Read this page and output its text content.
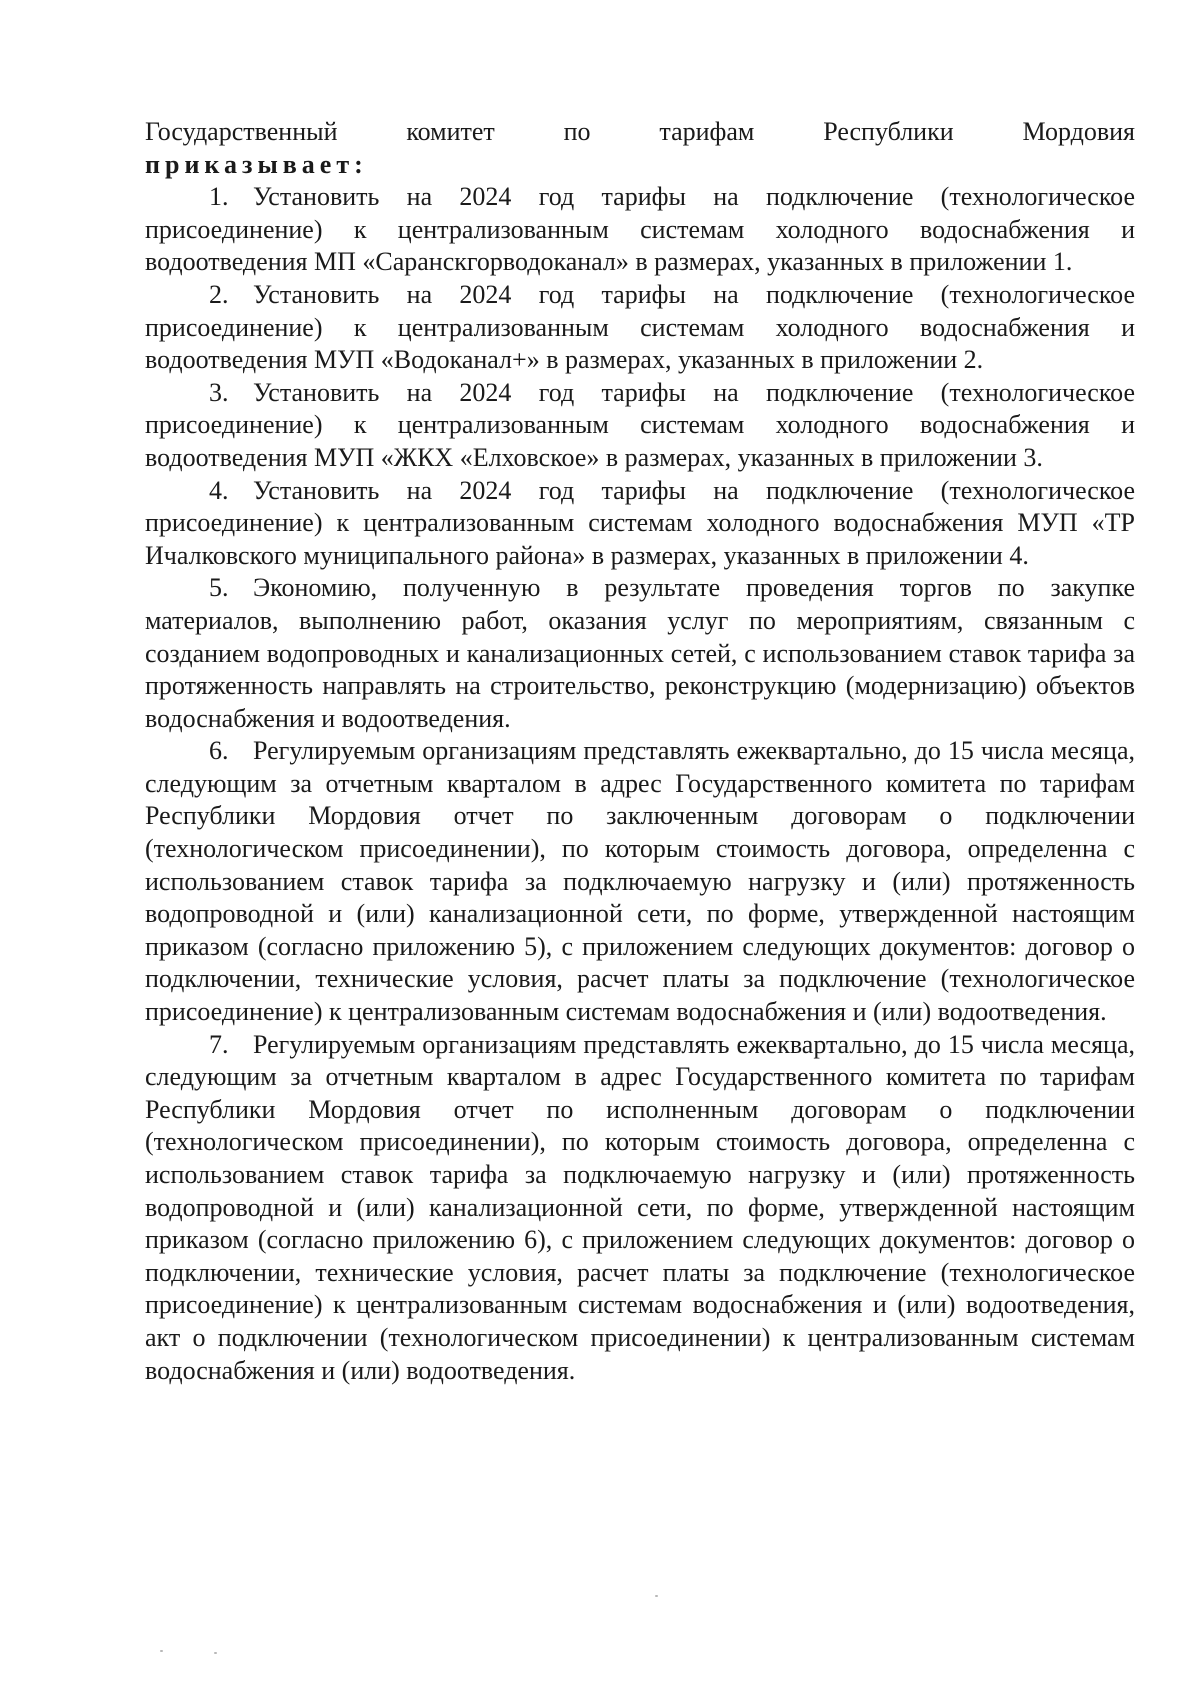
Государственный комитет по тарифам Республики Мордовия

приказывает:

1. Установить на 2024 год тарифы на подключение (технологическое присоединение) к централизованным системам холодного водоснабжения и водоотведения МП «Саранскгорводоканал» в размерах, указанных в приложении 1.

2. Установить на 2024 год тарифы на подключение (технологическое присоединение) к централизованным системам холодного водоснабжения и водоотведения МУП «Водоканал+» в размерах, указанных в приложении 2.

3. Установить на 2024 год тарифы на подключение (технологическое присоединение) к централизованным системам холодного водоснабжения и водоотведения МУП «ЖКХ «Елховское» в размерах, указанных в приложении 3.

4. Установить на 2024 год тарифы на подключение (технологическое присоединение) к централизованным системам холодного водоснабжения МУП «ТР Ичалковского муниципального района» в размерах, указанных в приложении 4.

5. Экономию, полученную в результате проведения торгов по закупке материалов, выполнению работ, оказания услуг по мероприятиям, связанным с созданием водопроводных и канализационных сетей, с использованием ставок тарифа за протяженность направлять на строительство, реконструкцию (модернизацию) объектов водоснабжения и водоотведения.

6. Регулируемым организациям представлять ежеквартально, до 15 числа месяца, следующим за отчетным кварталом в адрес Государственного комитета по тарифам Республики Мордовия отчет по заключенным договорам о подключении (технологическом присоединении), по которым стоимость договора, определенна с использованием ставок тарифа за подключаемую нагрузку и (или) протяженность водопроводной и (или) канализационной сети, по форме, утвержденной настоящим приказом (согласно приложению 5), с приложением следующих документов: договор о подключении, технические условия, расчет платы за подключение (технологическое присоединение) к централизованным системам водоснабжения и (или) водоотведения.

7. Регулируемым организациям представлять ежеквартально, до 15 числа месяца, следующим за отчетным кварталом в адрес Государственного комитета по тарифам Республики Мордовия отчет по исполненным договорам о подключении (технологическом присоединении), по которым стоимость договора, определенна с использованием ставок тарифа за подключаемую нагрузку и (или) протяженность водопроводной и (или) канализационной сети, по форме, утвержденной настоящим приказом (согласно приложению 6), с приложением следующих документов: договор о подключении, технические условия, расчет платы за подключение (технологическое присоединение) к централизованным системам водоснабжения и (или) водоотведения, акт о подключении (технологическом присоединении) к централизованным системам водоснабжения и (или) водоотведения.
